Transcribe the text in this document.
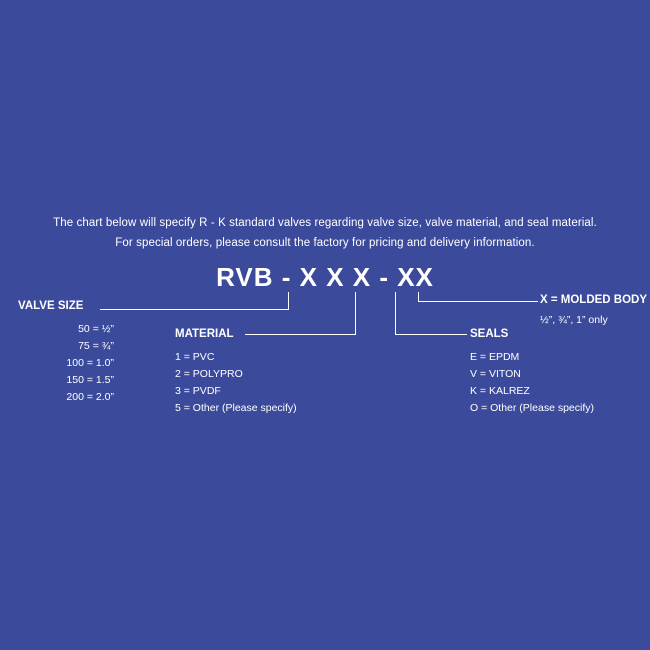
The chart below will specify R - K standard valves regarding valve size, valve material, and seal material.
For special orders, please consult the factory for pricing and delivery information.
RVB - X X X - XX
VALVE SIZE
50 = ½”
75 = ¾”
100 = 1.0”
150 = 1.5”
200 = 2.0”
MATERIAL
1 = PVC
2 = POLYPRO
3 = PVDF
5 = Other (Please specify)
SEALS
E = EPDM
V = VITON
K = KALREZ
O = Other (Please specify)
X = MOLDED BODY
½”, ¾”, 1” only
